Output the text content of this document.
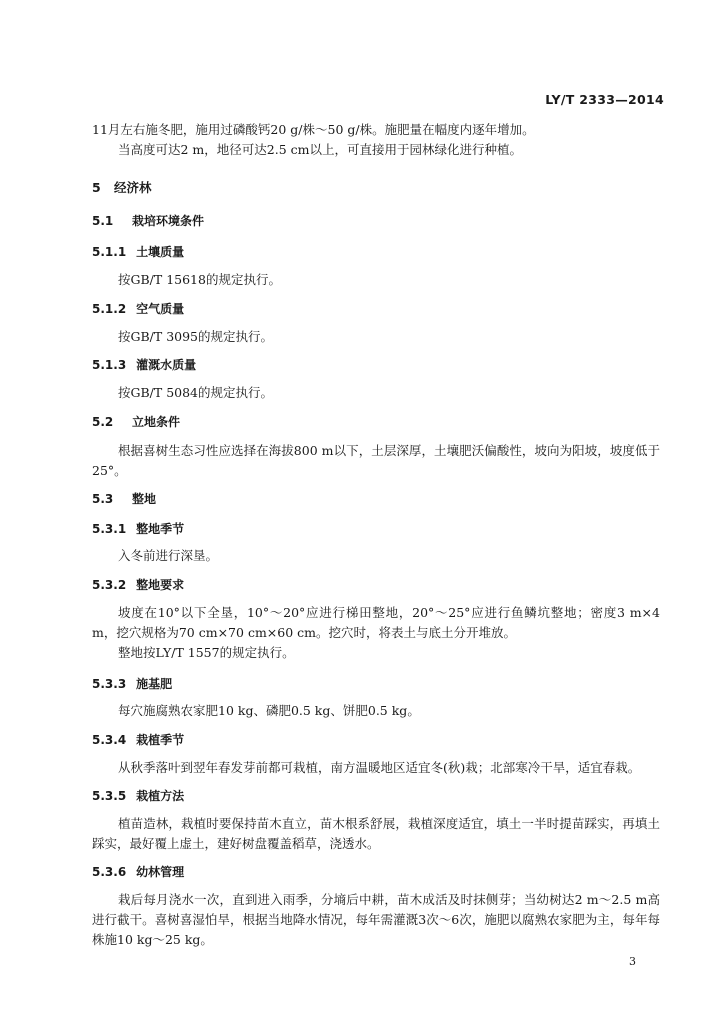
LY/T 2333—2014
11月左右施冬肥，施用过磷酸钙20 g/株～50 g/株。施肥量在幅度内逐年增加。
当高度可达2 m，地径可达2.5 cm以上，可直接用于园林绿化进行种植。
5 经济林
5.1 栽培环境条件
5.1.1 土壤质量
按GB/T 15618的规定执行。
5.1.2 空气质量
按GB/T 3095的规定执行。
5.1.3 灌溉水质量
按GB/T 5084的规定执行。
5.2 立地条件
根据喜树生态习性应选择在海拔800 m以下，土层深厚，土壤肥沃偏酸性，坡向为阳坡，坡度低于25°。
5.3 整地
5.3.1 整地季节
入冬前进行深垦。
5.3.2 整地要求
坡度在10°以下全垦，10°～20°应进行梯田整地，20°～25°应进行鱼鳞坑整地；密度3 m×4 m，挖穴规格为70 cm×70 cm×60 cm。挖穴时，将表土与底土分开堆放。
整地按LY/T 1557的规定执行。
5.3.3 施基肥
每穴施腐熟农家肥10 kg、磷肥0.5 kg、饼肥0.5 kg。
5.3.4 栽植季节
从秋季落叶到翌年春发芽前都可栽植，南方温暖地区适宜冬(秋)栽；北部寒冷干旱，适宜春栽。
5.3.5 栽植方法
植苗造林，栽植时要保持苗木直立，苗木根系舒展，栽植深度适宜，填土一半时提苗踩实，再填土踩实，最好覆上虚土，建好树盘覆盖稻草，浇透水。
5.3.6 幼林管理
栽后每月浇水一次，直到进入雨季，分墒后中耕，苗木成活及时抹侧芽；当幼树达2 m～2.5 m高进行截干。喜树喜湿怕旱，根据当地降水情况，每年需灌溉3次～6次，施肥以腐熟农家肥为主，每年每株施10 kg～25 kg。
3
